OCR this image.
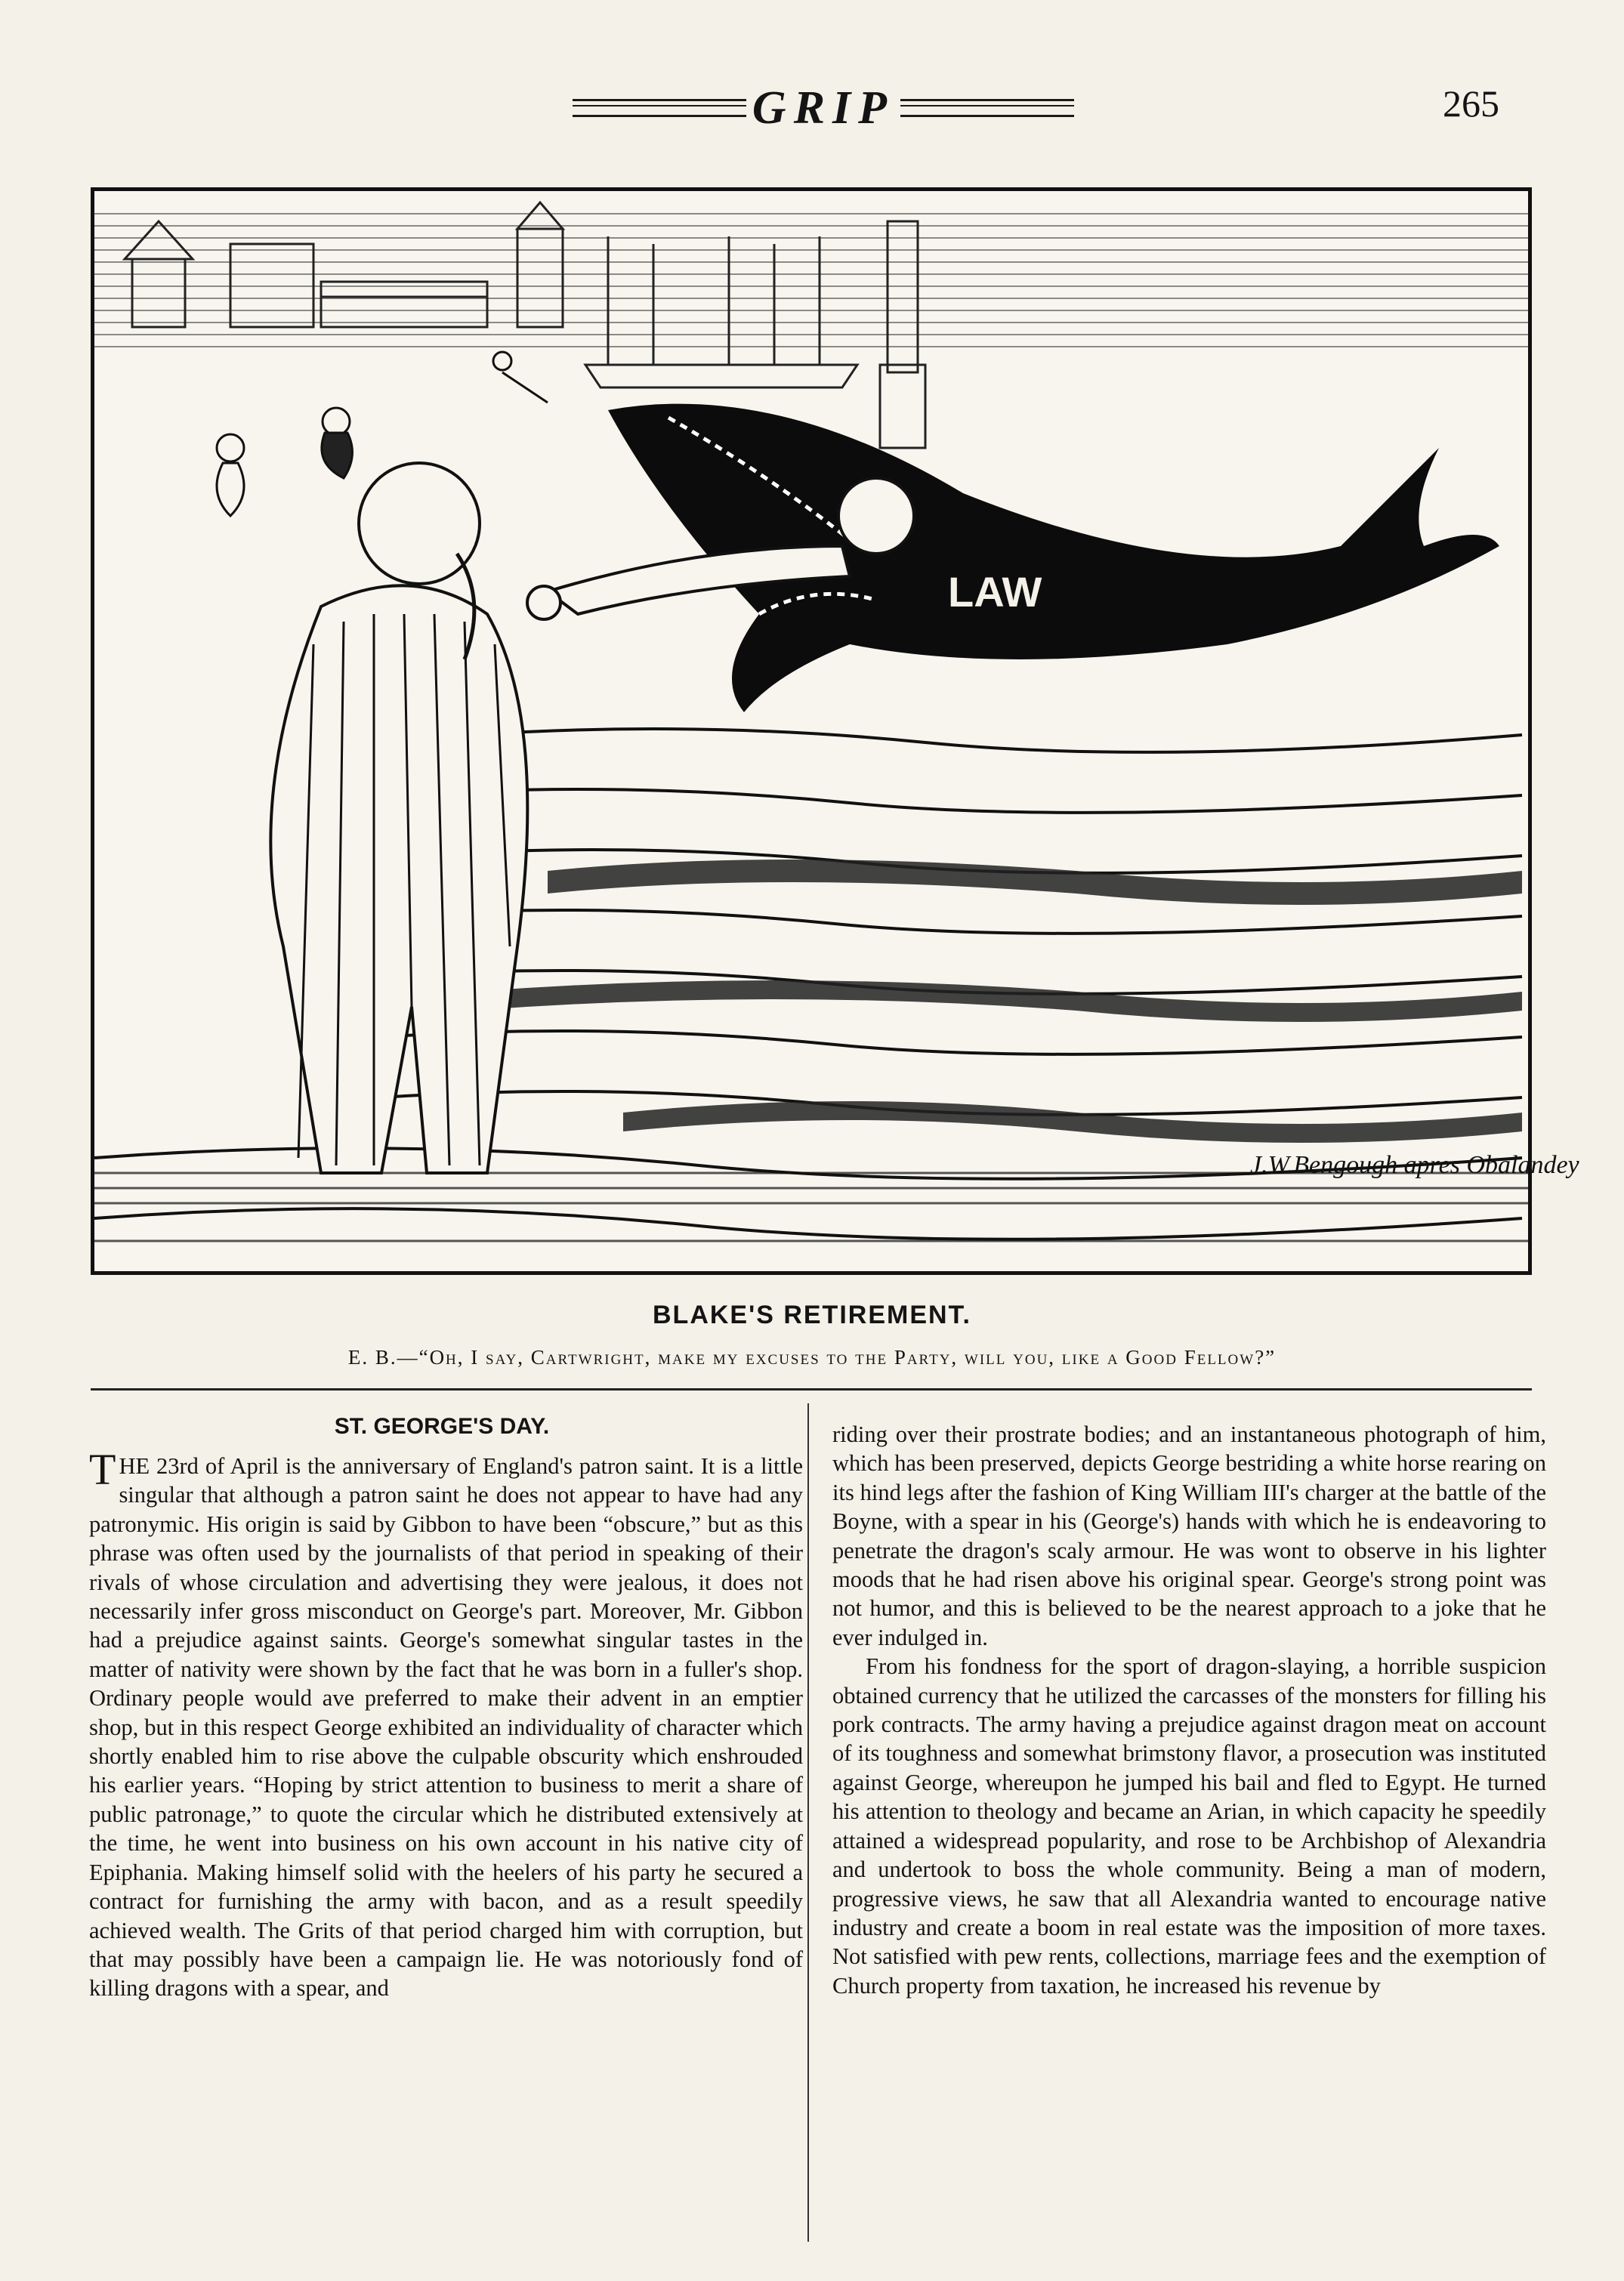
GRIP	265
LAW
J.W.Bengough apres Obalandey
BLAKE'S RETIREMENT.
E. B.—“Oh, I say, Cartwright, make my excuses to the Party, will you, like a Good Fellow?”
ST. GEORGE'S DAY.

THE 23rd of April is the anniversary of England's patron saint. It is a little singular that although a patron saint he does not appear to have had any patronymic. His origin is said by Gibbon to have been “obscure,” but as this phrase was often used by the journalists of that period in speaking of their rivals of whose circulation and advertising they were jealous, it does not necessarily infer gross misconduct on George's part. Moreover, Mr. Gibbon had a prejudice against saints. George's somewhat singular tastes in the matter of nativity were shown by the fact that he was born in a fuller's shop. Ordinary people would ave preferred to make their advent in an emptier shop, but in this respect George exhibited an individuality of character which shortly enabled him to rise above the culpable obscurity which enshrouded his earlier years. “Hoping by strict attention to business to merit a share of public patronage,” to quote the circular which he distributed extensively at the time, he went into business on his own account in his native city of Epiphania. Making himself solid with the heelers of his party he secured a contract for furnishing the army with bacon, and as a result speedily achieved wealth. The Grits of that period charged him with corruption, but that may possibly have been a campaign lie. He was notoriously fond of killing dragons with a spear, and

riding over their prostrate bodies; and an instantaneous photograph of him, which has been preserved, depicts George bestriding a white horse rearing on its hind legs after the fashion of King William III's charger at the battle of the Boyne, with a spear in his (George's) hands with which he is endeavoring to penetrate the dragon's scaly armour. He was wont to observe in his lighter moods that he had risen above his original spear. George's strong point was not humor, and this is believed to be the nearest approach to a joke that he ever indulged in.

From his fondness for the sport of dragon-slaying, a horrible suspicion obtained currency that he utilized the carcasses of the monsters for filling his pork contracts. The army having a prejudice against dragon meat on account of its toughness and somewhat brimstony flavor, a prosecution was instituted against George, whereupon he jumped his bail and fled to Egypt. He turned his attention to theology and became an Arian, in which capacity he speedily attained a widespread popularity, and rose to be Archbishop of Alexandria and undertook to boss the whole community. Being a man of modern, progressive views, he saw that all Alexandria wanted to encourage native industry and create a boom in real estate was the imposition of more taxes. Not satisfied with pew rents, collections, marriage fees and the exemption of Church property from taxation, he increased his revenue by
